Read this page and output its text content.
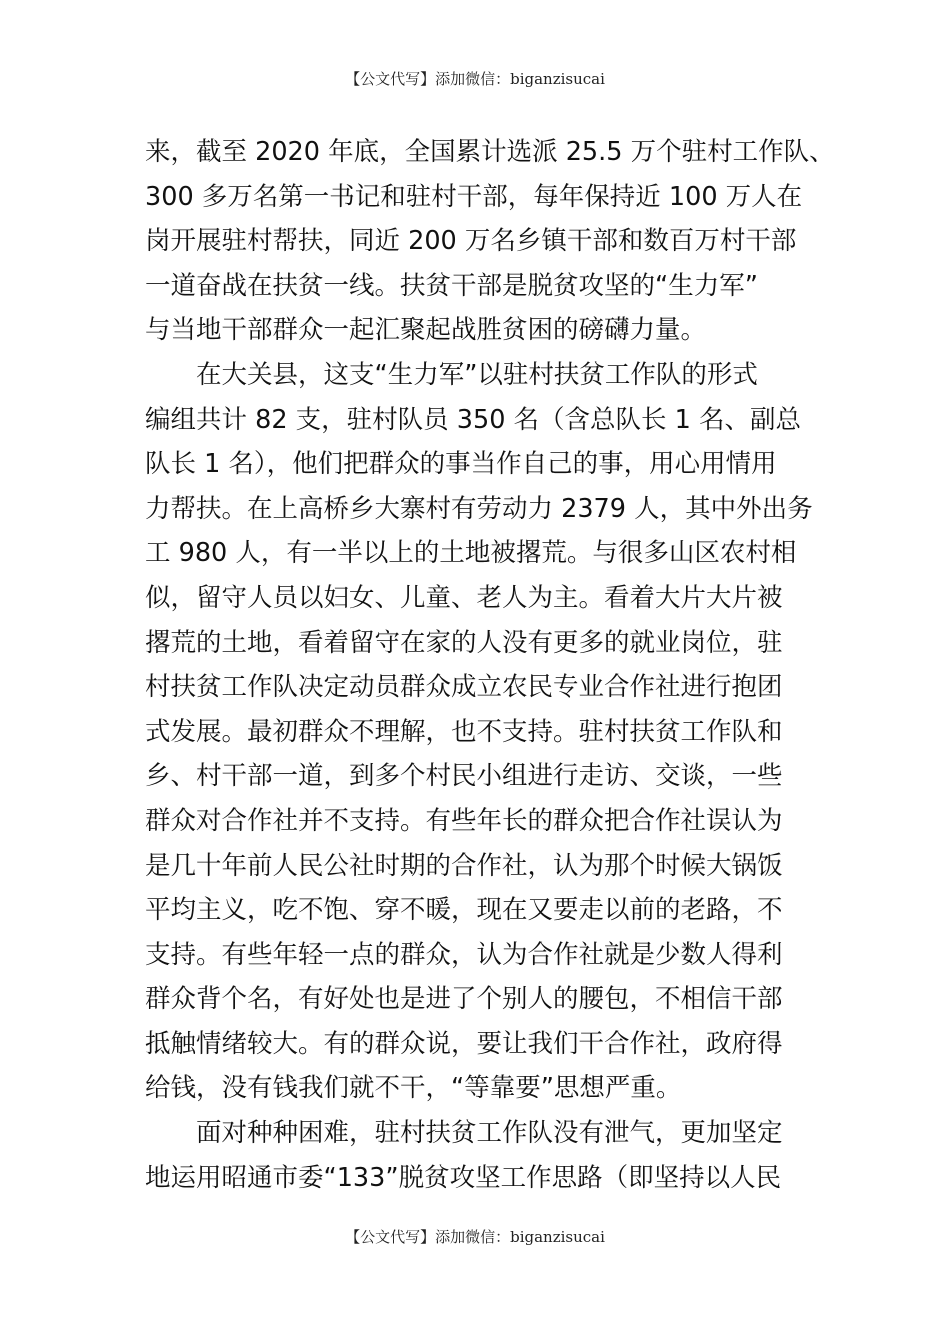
【公文代写】添加微信：biganzisucai
来，截至 2020 年底，全国累计选派 25.5 万个驻村工作队、
300 多万名第一书记和驻村干部，每年保持近 100 万人在
岗开展驻村帮扶，同近 200 万名乡镇干部和数百万村干部
一道奋战在扶贫一线。扶贫干部是脱贫攻坚的“生力军”
与当地干部群众一起汇聚起战胜贫困的磅礴力量。
在大关县，这支“生力军”以驻村扶贫工作队的形式
编组共计 82 支，驻村队员 350 名（含总队长 1 名、副总
队长 1 名），他们把群众的事当作自己的事，用心用情用
力帮扶。在上高桥乡大寨村有劳动力 2379 人，其中外出务
工 980 人，有一半以上的土地被撂荒。与很多山区农村相
似，留守人员以妇女、儿童、老人为主。看着大片大片被
撂荒的土地，看着留守在家的人没有更多的就业岗位，驻
村扶贫工作队决定动员群众成立农民专业合作社进行抱团
式发展。最初群众不理解，也不支持。驻村扶贫工作队和
乡、村干部一道，到多个村民小组进行走访、交谈，一些
群众对合作社并不支持。有些年长的群众把合作社误认为
是几十年前人民公社时期的合作社，认为那个时候大锅饭
平均主义，吃不饱、穿不暖，现在又要走以前的老路，不
支持。有些年轻一点的群众，认为合作社就是少数人得利
群众背个名，有好处也是进了个别人的腰包，不相信干部
抵触情绪较大。有的群众说，要让我们干合作社，政府得
给钱，没有钱我们就不干，“等靠要”思想严重。
面对种种困难，驻村扶贫工作队没有泄气，更加坚定
地运用昭通市委“133”脱贫攻坚工作思路（即坚持以人民
【公文代写】添加微信：biganzisucai
